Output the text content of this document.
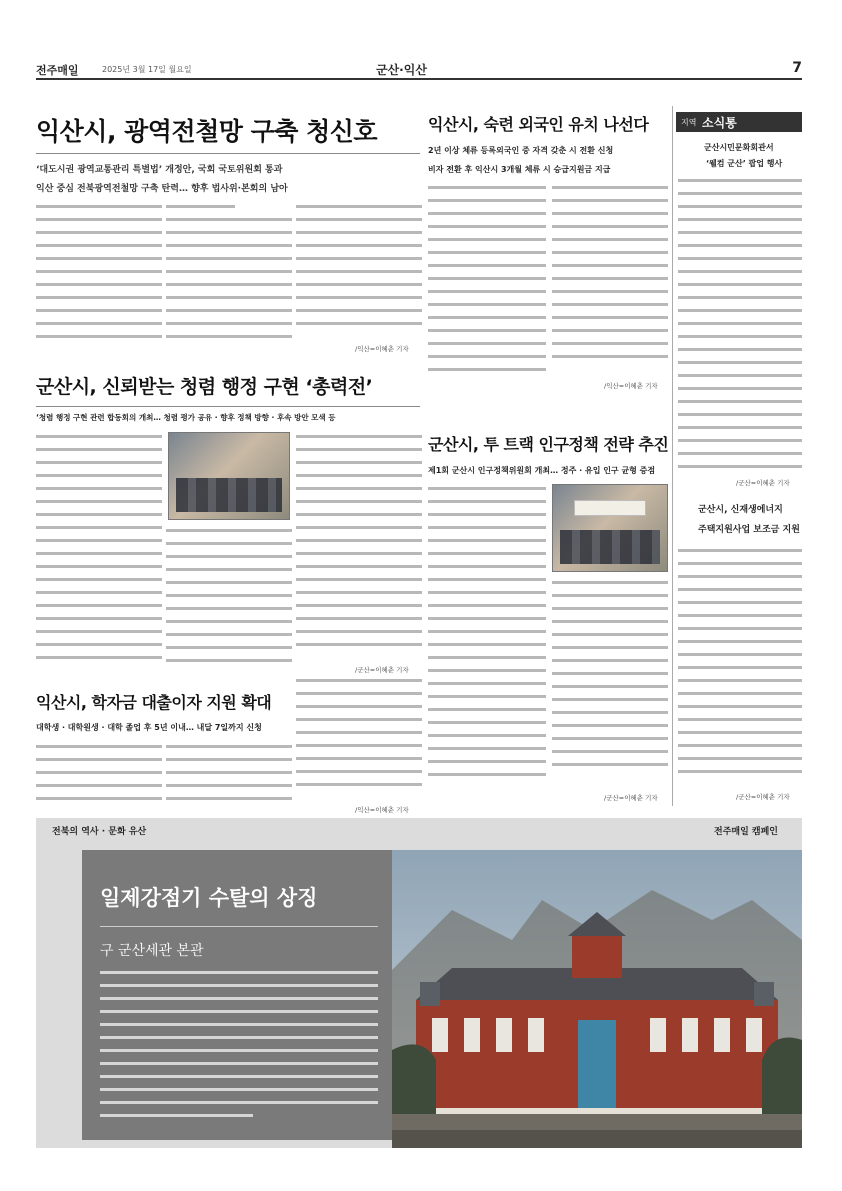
전주매일	2025년 3월 17일 월요일	군산·익산	7
익산시, 광역전철망 구축 청신호
‘대도시권 광역교통관리 특별법’ 개정안, 국회 국토위원회 통과
익산 중심 전북광역전철망 구축 탄력… 향후 법사위·본회의 남아
/익산=이혜춘 기자
익산시, 숙련 외국인 유치 나선다
2년 이상 체류 등록외국인 중 자격 갖춘 시 전환 신청
비자 전환 후 익산시 3개월 체류 시 승급지원금 지급
/익산=이혜춘 기자
군산시, 신뢰받는 청렴 행정 구현 ‘총력전’
‘청렴 행정 구현 관련 합동회의 개최… 청렴 평가 공유 · 향후 정책 방향 · 후속 방안 모색 등
/군산=이혜춘 기자
군산시, 투 트랙 인구정책 전략 추진
제1회 군산시 인구정책위원회 개최… 정주 · 유입 인구 균형 증점
/군산=이혜춘 기자
익산시, 학자금 대출이자 지원 확대
대학생 · 대학원생 · 대학 졸업 후 5년 이내… 내달 7일까지 신청
/익산=이혜춘 기자
지역 소식통
군산시민문화회관서
‘웰컴 군산’ 팝업 행사
/군산=이혜춘 기자
군산시, 신재생에너지
주택지원사업 보조금 지원
/군산=이혜춘 기자
전북의 역사 · 문화 유산	전주매일 캠페인
일제강점기 수탈의 상징
구 군산세관 본관
